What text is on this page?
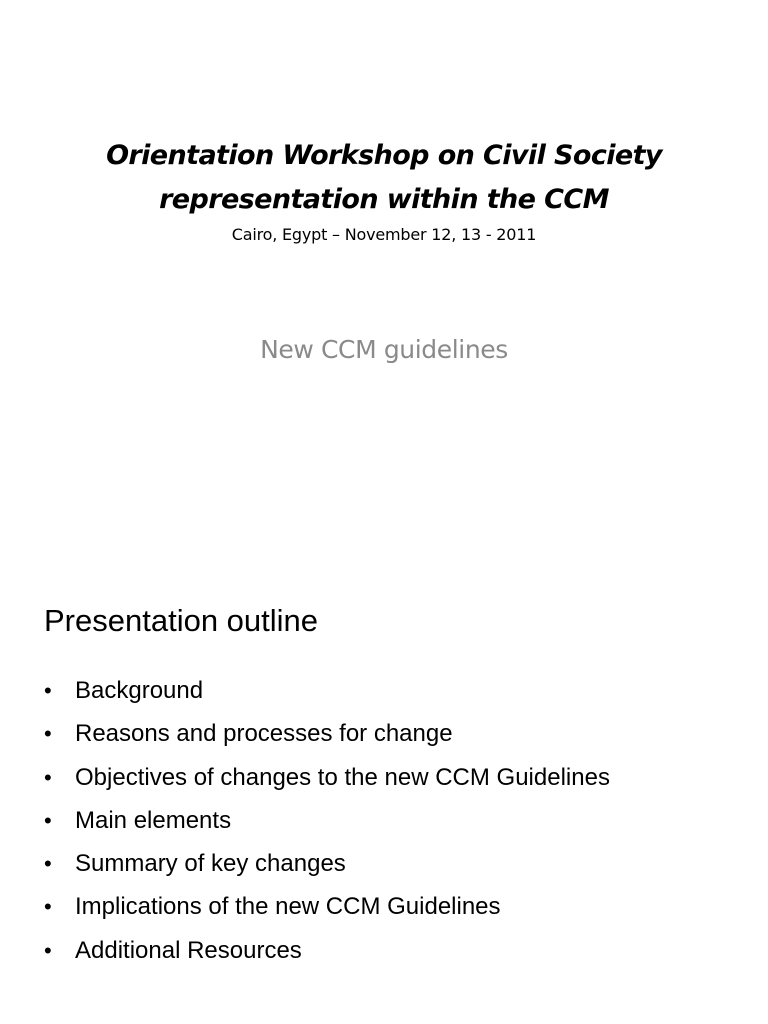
Orientation Workshop on Civil Society
representation within the CCM
Cairo, Egypt – November 12, 13 - 2011
New CCM guidelines
Presentation outline
• Background
• Reasons and processes for change
• Objectives of changes to the new CCM Guidelines
• Main elements
• Summary of key changes
• Implications of the new CCM Guidelines
• Additional Resources
